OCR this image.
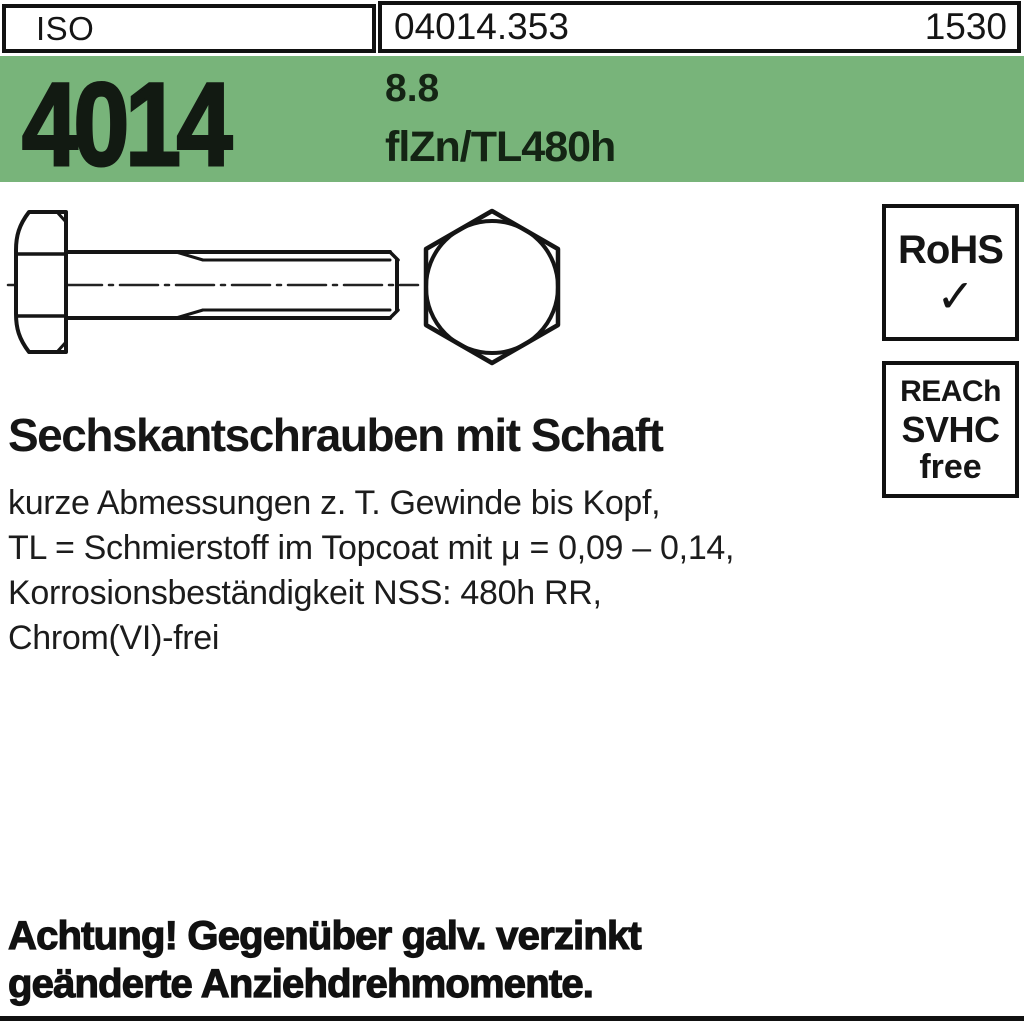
ISO	04014.353	1530
4014	8.8
flZn/TL480h
RoHS
✓
REACh
SVHC
free
Sechskantschrauben mit Schaft
kurze Abmessungen z. T. Gewinde bis Kopf,
TL = Schmierstoff im Topcoat mit μ = 0,09 – 0,14,
Korrosionsbeständigkeit NSS: 480h RR,
Chrom(VI)-frei
Achtung! Gegenüber galv. verzinkt
geänderte Anziehdrehmomente.
